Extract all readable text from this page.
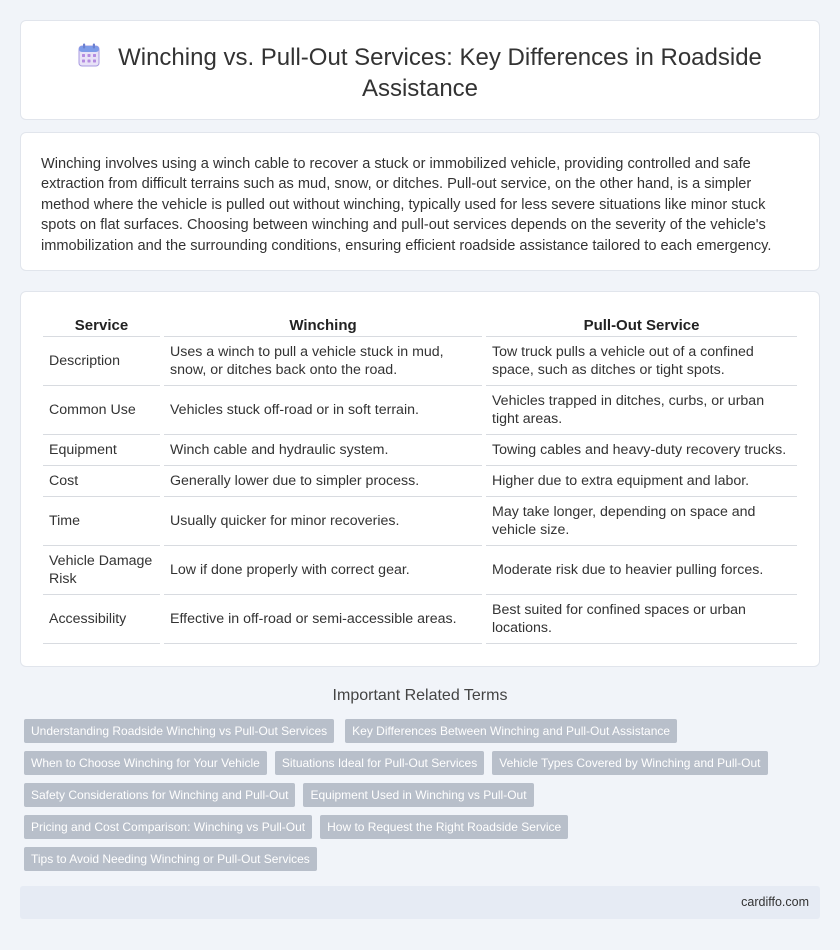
Winching vs. Pull-Out Services: Key Differences in Roadside Assistance

Winching involves using a winch cable to recover a stuck or immobilized vehicle, providing controlled and safe extraction from difficult terrains such as mud, snow, or ditches. Pull-out service, on the other hand, is a simpler method where the vehicle is pulled out without winching, typically used for less severe situations like minor stuck spots on flat surfaces. Choosing between winching and pull-out services depends on the severity of the vehicle's immobilization and the surrounding conditions, ensuring efficient roadside assistance tailored to each emergency.

Service	Winching	Pull-Out Service
Description	Uses a winch to pull a vehicle stuck in mud, snow, or ditches back onto the road.	Tow truck pulls a vehicle out of a confined space, such as ditches or tight spots.
Common Use	Vehicles stuck off-road or in soft terrain.	Vehicles trapped in ditches, curbs, or urban tight areas.
Equipment	Winch cable and hydraulic system.	Towing cables and heavy-duty recovery trucks.
Cost	Generally lower due to simpler process.	Higher due to extra equipment and labor.
Time	Usually quicker for minor recoveries.	May take longer, depending on space and vehicle size.
Vehicle Damage Risk	Low if done properly with correct gear.	Moderate risk due to heavier pulling forces.
Accessibility	Effective in off-road or semi-accessible areas.	Best suited for confined spaces or urban locations.
Important Related Terms
Understanding Roadside Winching vs Pull-Out Services Key Differences Between Winching and Pull-Out Assistance
When to Choose Winching for Your Vehicle Situations Ideal for Pull-Out Services Vehicle Types Covered by Winching and Pull-Out
Safety Considerations for Winching and Pull-Out Equipment Used in Winching vs Pull-Out
Pricing and Cost Comparison: Winching vs Pull-Out How to Request the Right Roadside Service
Tips to Avoid Needing Winching or Pull-Out Services
cardiffo.com
